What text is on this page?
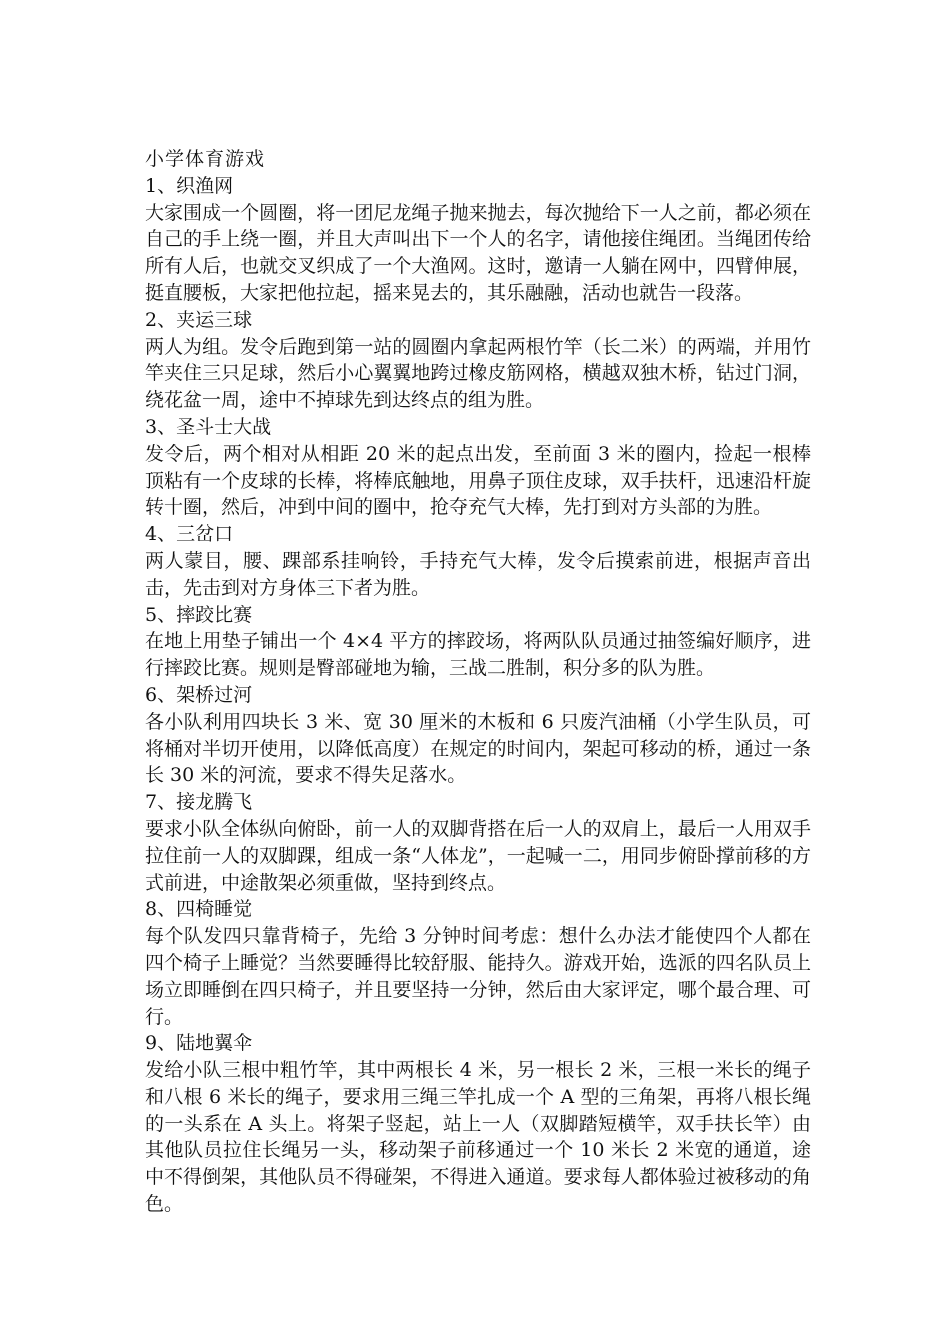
小学体育游戏

1、织渔网

大家围成一个圆圈，将一团尼龙绳子抛来抛去，每次抛给下一人之前，都必须在自己的手上绕一圈，并且大声叫出下一个人的名字，请他接住绳团。当绳团传给所有人后，也就交叉织成了一个大渔网。这时，邀请一人躺在网中，四臂伸展，挺直腰板，大家把他拉起，摇来晃去的，其乐融融，活动也就告一段落。

2、夹运三球

两人为组。发令后跑到第一站的圆圈内拿起两根竹竿（长二米）的两端，并用竹竿夹住三只足球，然后小心翼翼地跨过橡皮筋网格，横越双独木桥，钻过门洞，绕花盆一周，途中不掉球先到达终点的组为胜。

3、圣斗士大战

发令后，两个相对从相距 20 米的起点出发，至前面 3 米的圈内，捡起一根棒顶粘有一个皮球的长棒，将棒底触地，用鼻子顶住皮球，双手扶杆，迅速沿杆旋转十圈，然后，冲到中间的圈中，抢夺充气大棒，先打到对方头部的为胜。

4、三岔口

两人蒙目，腰、踝部系挂响铃，手持充气大棒，发令后摸索前进，根据声音出击，先击到对方身体三下者为胜。

5、摔跤比赛

在地上用垫子铺出一个 4×4 平方的摔跤场，将两队队员通过抽签编好顺序，进行摔跤比赛。规则是臀部碰地为输，三战二胜制，积分多的队为胜。

6、架桥过河

各小队利用四块长 3 米、宽 30 厘米的木板和 6 只废汽油桶（小学生队员，可将桶对半切开使用，以降低高度）在规定的时间内，架起可移动的桥，通过一条长 30 米的河流，要求不得失足落水。

7、接龙腾飞

要求小队全体纵向俯卧，前一人的双脚背搭在后一人的双肩上，最后一人用双手拉住前一人的双脚踝，组成一条“人体龙”，一起喊一二，用同步俯卧撑前移的方式前进，中途散架必须重做，坚持到终点。

8、四椅睡觉

每个队发四只靠背椅子，先给 3 分钟时间考虑：想什么办法才能使四个人都在四个椅子上睡觉？当然要睡得比较舒服、能持久。游戏开始，选派的四名队员上场立即睡倒在四只椅子，并且要坚持一分钟，然后由大家评定，哪个最合理、可行。

9、陆地翼伞

发给小队三根中粗竹竿，其中两根长 4 米，另一根长 2 米，三根一米长的绳子和八根 6 米长的绳子，要求用三绳三竿扎成一个 A 型的三角架，再将八根长绳的一头系在 A 头上。将架子竖起，站上一人（双脚踏短横竿，双手扶长竿）由其他队员拉住长绳另一头，移动架子前移通过一个 10 米长 2 米宽的通道，途中不得倒架，其他队员不得碰架，不得进入通道。要求每人都体验过被移动的角色。
